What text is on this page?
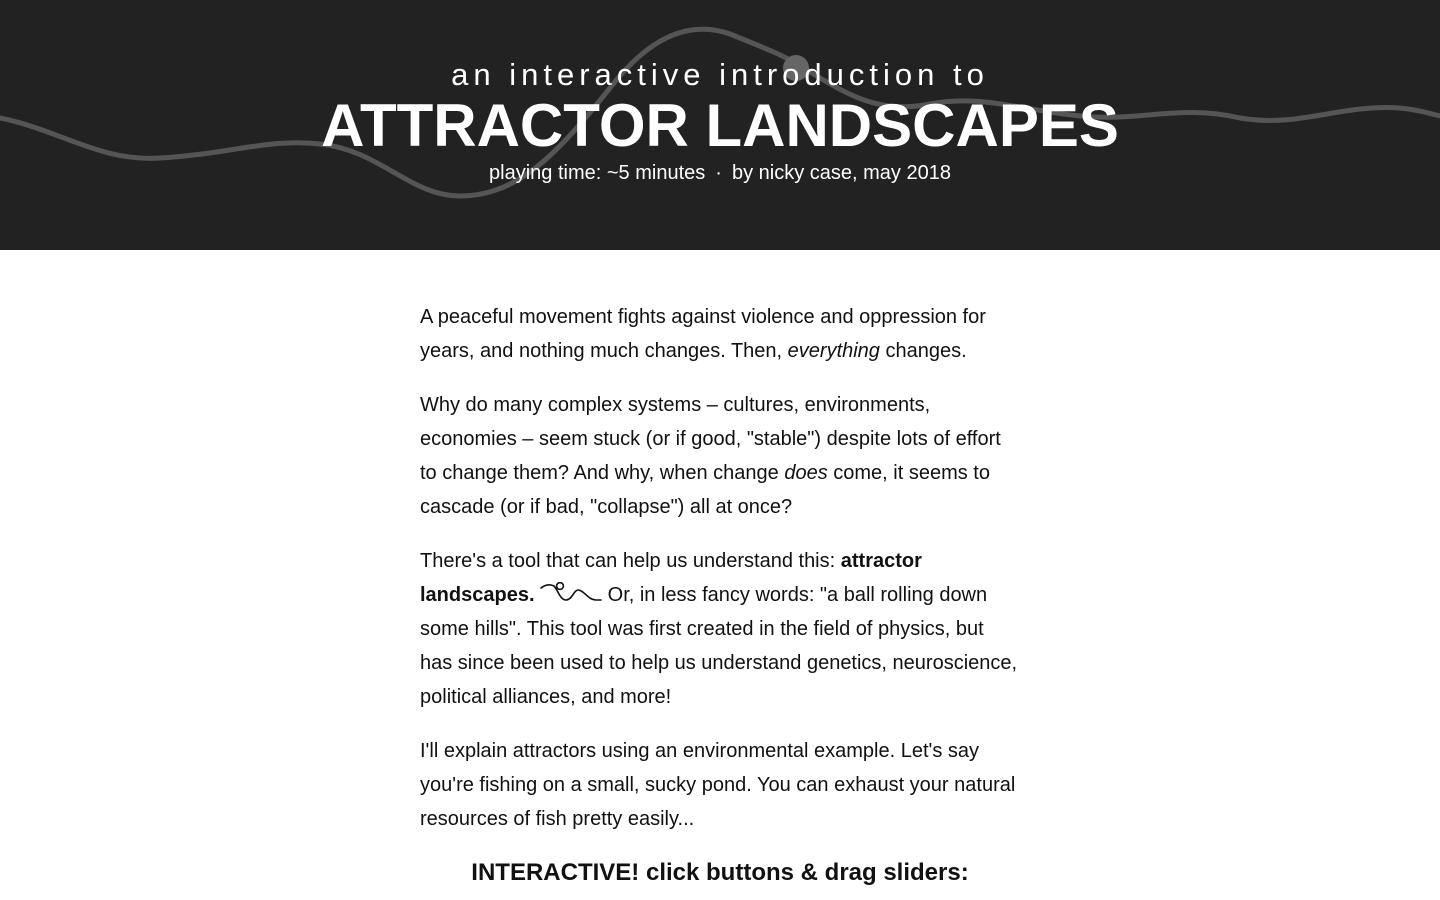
an interactive introduction to
ATTRACTOR LANDSCAPES
playing time: ~5 minutes · by nicky case, may 2018

A peaceful movement fights against violence and oppression for years, and nothing much changes. Then, everything changes.

Why do many complex systems – cultures, environments, economies – seem stuck (or if good, "stable") despite lots of effort to change them? And why, when change does come, it seems to cascade (or if bad, "collapse") all at once?

There's a tool that can help us understand this: attractor landscapes.	Or, in less fancy words: "a ball rolling down some hills". This tool was first created in the field of physics, but has since been used to help us understand genetics, neuroscience, political alliances, and more!

I'll explain attractors using an environmental example. Let's say you're fishing on a small, sucky pond. You can exhaust your natural resources of fish pretty easily...

INTERACTIVE! click buttons & drag sliders:
